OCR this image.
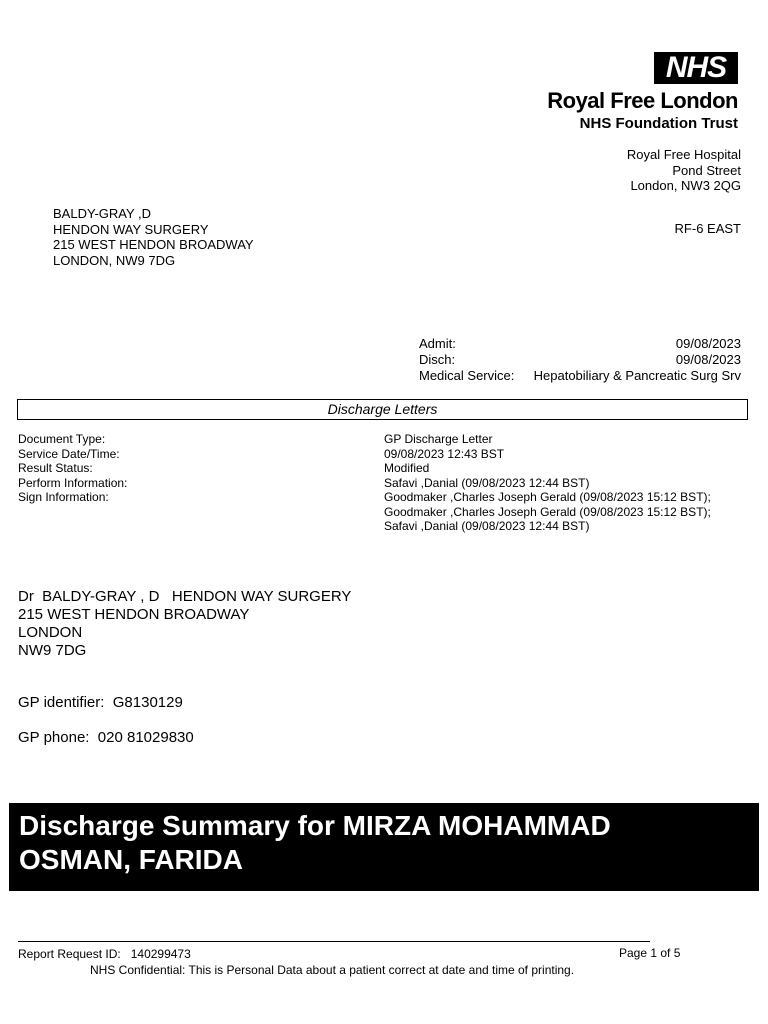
NHS
Royal Free London
NHS Foundation Trust
Royal Free Hospital
Pond Street
London, NW3 2QG
BALDY-GRAY ,D
HENDON WAY SURGERY
215 WEST HENDON BROADWAY
LONDON, NW9 7DG
RF-6 EAST
Admit:	09/08/2023
Disch:	09/08/2023
Medical Service: Hepatobiliary & Pancreatic Surg Srv
Discharge Letters
Document Type:	GP Discharge Letter
Service Date/Time:	09/08/2023 12:43 BST
Result Status:	Modified
Perform Information:	Safavi ,Danial (09/08/2023 12:44 BST)
Sign Information:	Goodmaker ,Charles Joseph Gerald (09/08/2023 15:12 BST);
Goodmaker ,Charles Joseph Gerald (09/08/2023 15:12 BST);
Safavi ,Danial (09/08/2023 12:44 BST)
Dr  BALDY-GRAY , D   HENDON WAY SURGERY
215 WEST HENDON BROADWAY
LONDON
NW9 7DG
GP identifier:  G8130129
GP phone:  020 81029830
Discharge Summary for MIRZA MOHAMMAD
OSMAN, FARIDA
Report Request ID:   140299473	Page 1 of 5
NHS Confidential: This is Personal Data about a patient correct at date and time of printing.
